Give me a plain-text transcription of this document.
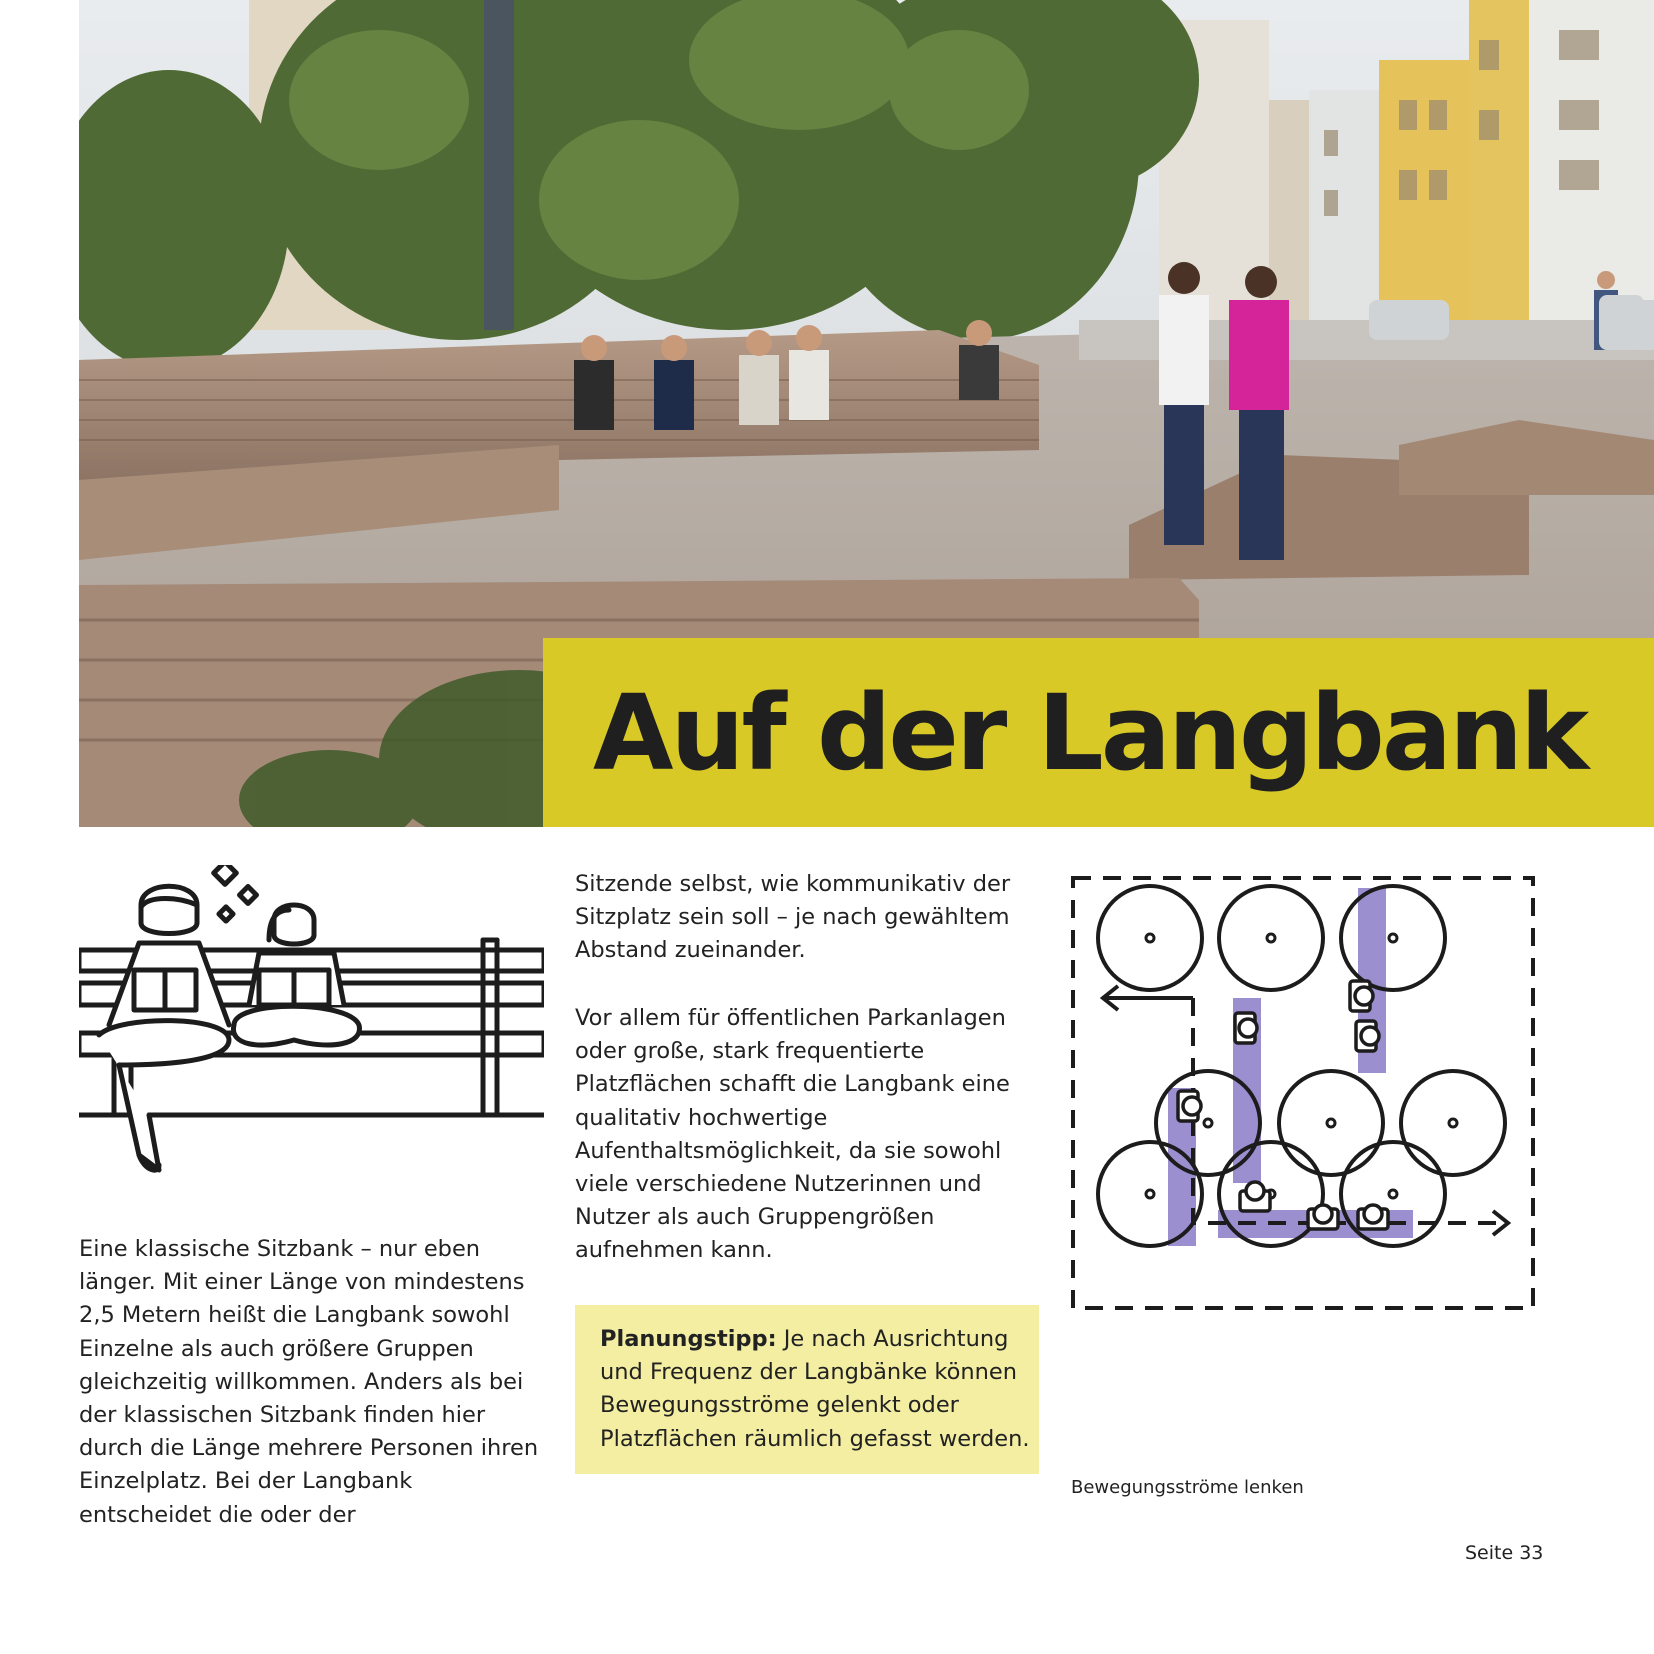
Auf der Langbank
Eine klassische Sitzbank – nur eben länger. Mit einer Länge von mindestens 2,5 Metern heißt die Langbank sowohl Einzelne als auch größere Gruppen gleichzeitig willkommen. Anders als bei der klassischen Sitzbank finden hier durch die Länge mehrere Personen ihren Einzelplatz. Bei der Langbank entscheidet die oder der
Sitzende selbst, wie kommunikativ der Sitzplatz sein soll – je nach gewähltem Abstand zueinander.
Vor allem für öffentlichen Parkanlagen oder große, stark frequentierte Platzflächen schafft die Langbank eine qualitativ hochwertige Aufenthaltsmöglichkeit, da sie sowohl viele verschiedene Nutzerinnen und Nutzer als auch Gruppengrößen aufnehmen kann.
Planungstipp: Je nach Ausrichtung und Frequenz der Langbänke können Bewegungsströme gelenkt oder Platzflächen räumlich gefasst werden.
Bewegungsströme lenken
Seite 33
